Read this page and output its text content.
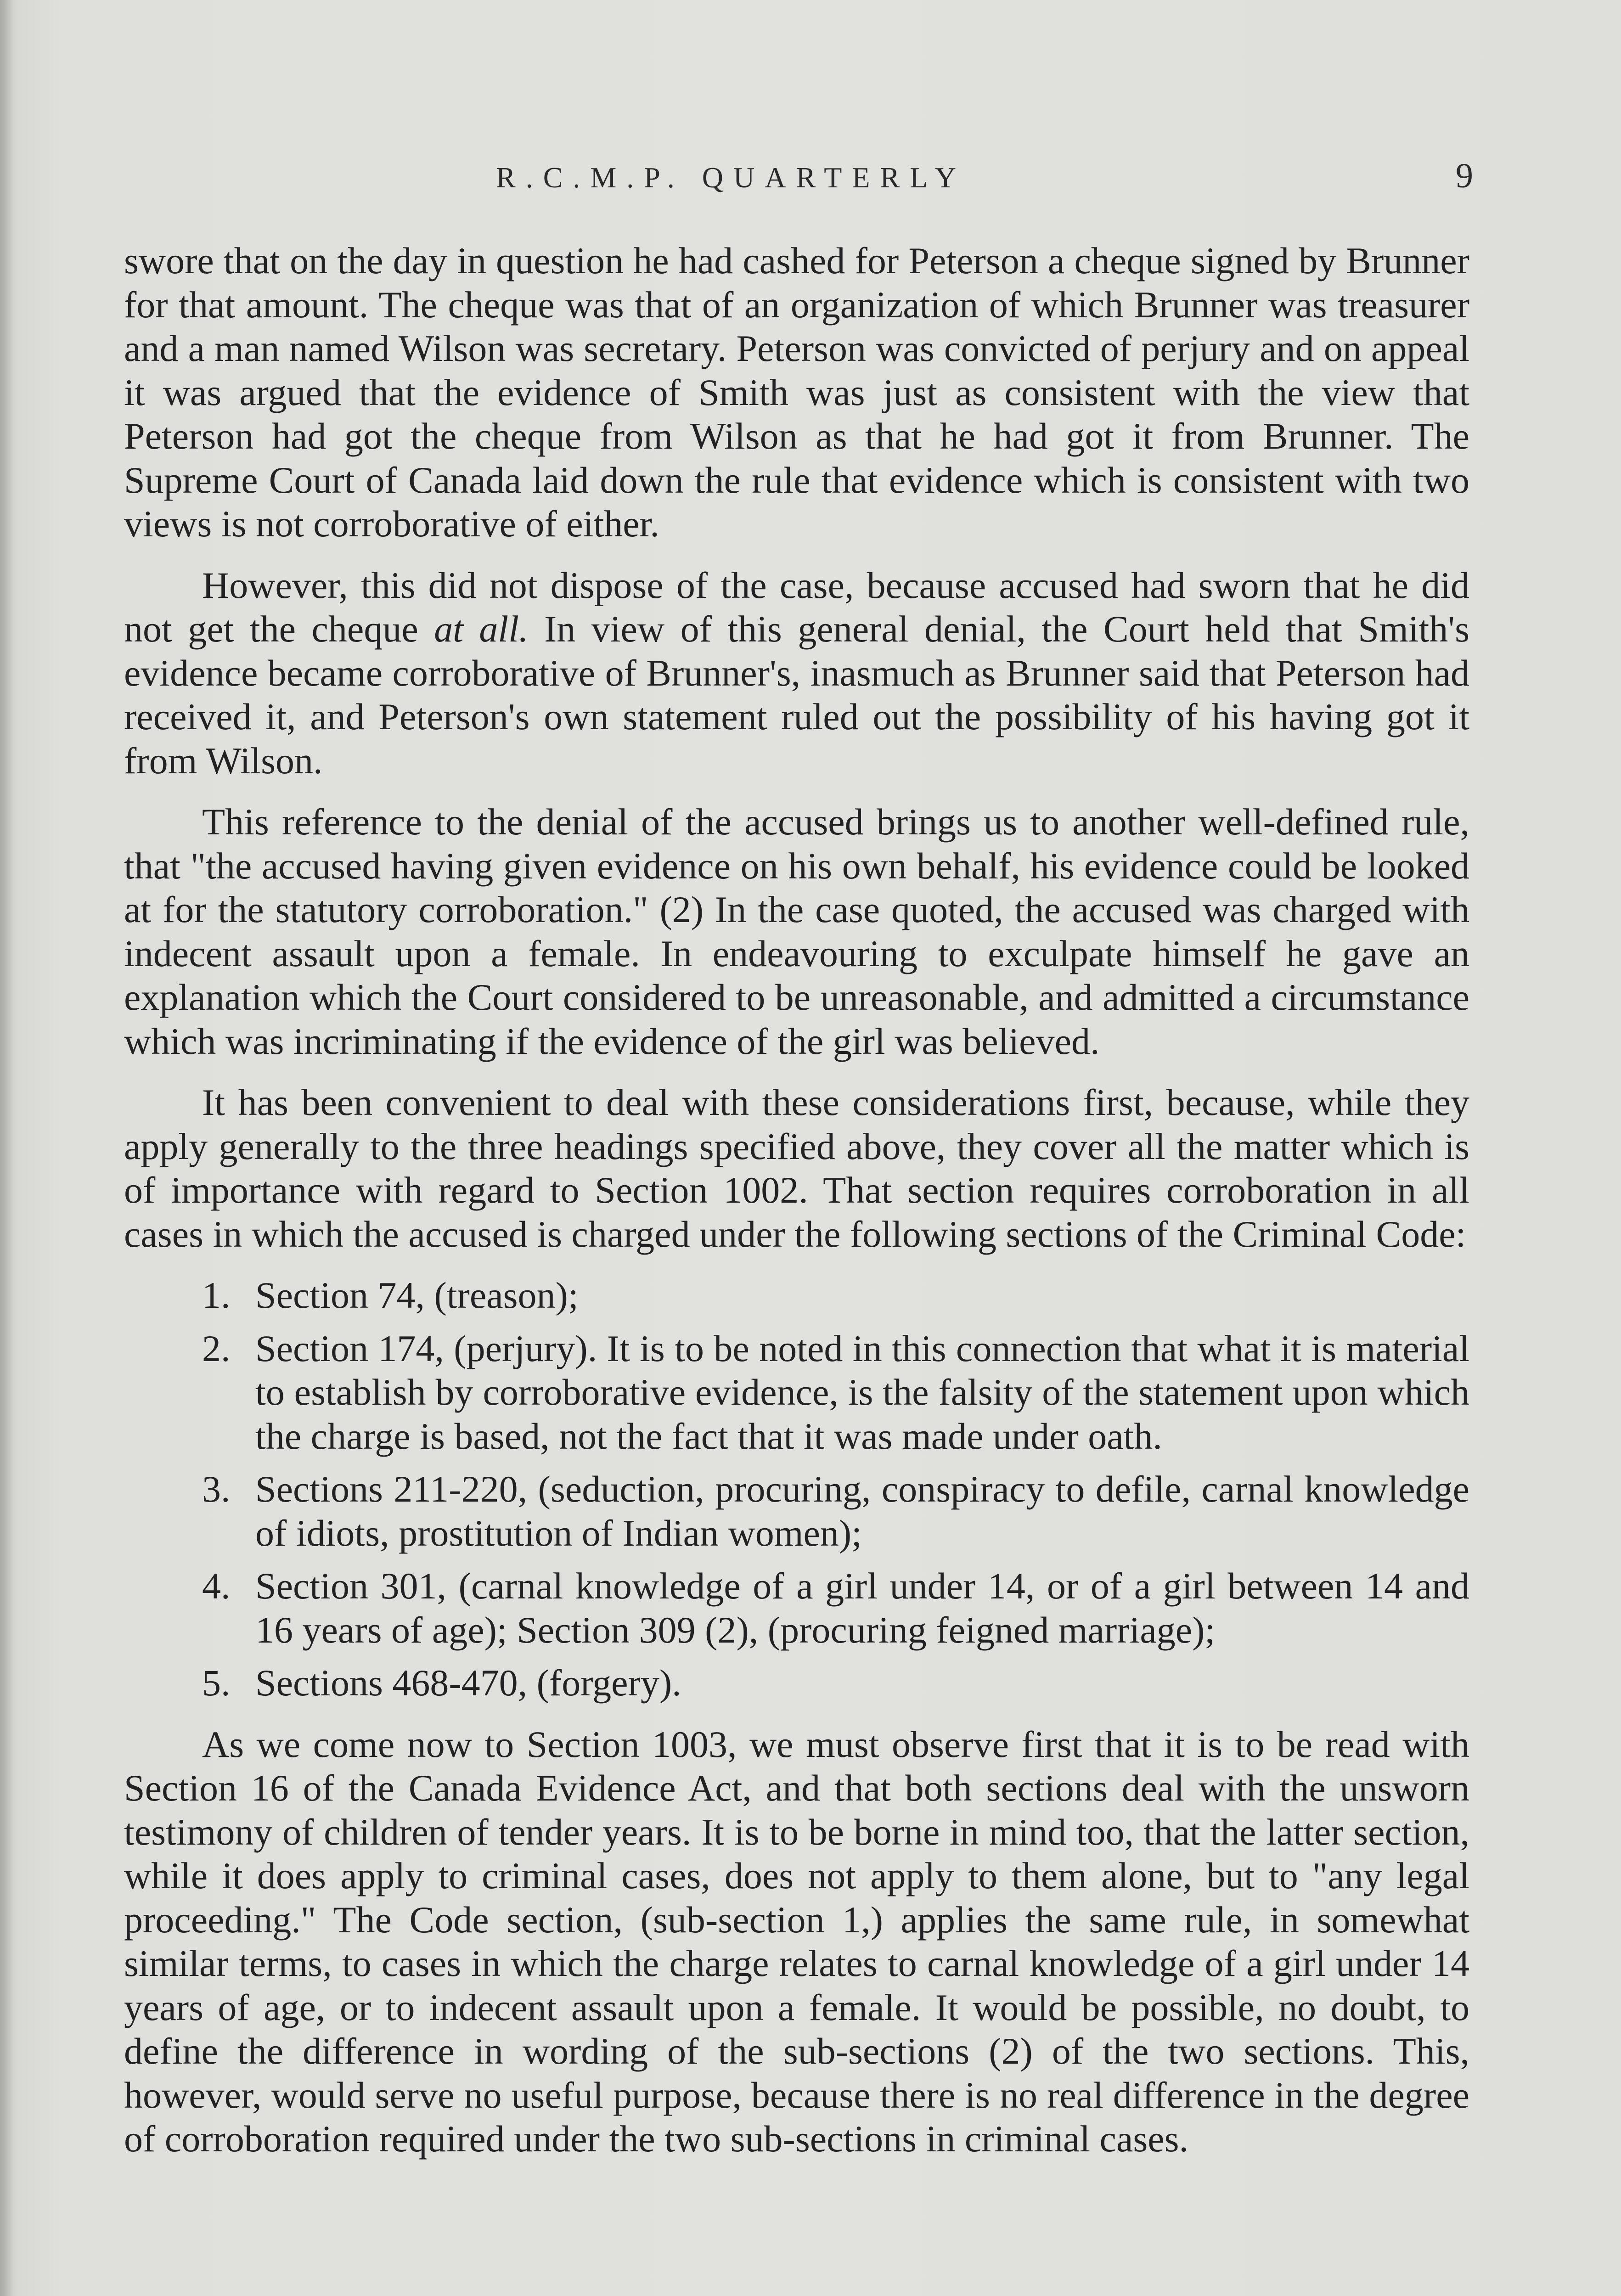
R.C.M.P. QUARTERLY	9

swore that on the day in question he had cashed for Peterson a cheque signed by Brunner for that amount. The cheque was that of an organization of which Brunner was treasurer and a man named Wilson was secretary. Peterson was convicted of perjury and on appeal it was argued that the evidence of Smith was just as consistent with the view that Peterson had got the cheque from Wilson as that he had got it from Brunner. The Supreme Court of Canada laid down the rule that evidence which is consistent with two views is not corroborative of either.

However, this did not dispose of the case, because accused had sworn that he did not get the cheque at all. In view of this general denial, the Court held that Smith's evidence became corroborative of Brunner's, inasmuch as Brunner said that Peterson had received it, and Peterson's own statement ruled out the possibility of his having got it from Wilson.

This reference to the denial of the accused brings us to another well-defined rule, that "the accused having given evidence on his own behalf, his evidence could be looked at for the statutory corroboration." (2) In the case quoted, the accused was charged with indecent assault upon a female. In endeavouring to exculpate himself he gave an explanation which the Court considered to be unreasonable, and admitted a circumstance which was incriminating if the evidence of the girl was believed.

It has been convenient to deal with these considerations first, because, while they apply generally to the three headings specified above, they cover all the matter which is of importance with regard to Section 1002. That section requires corroboration in all cases in which the accused is charged under the following sections of the Criminal Code:

1. Section 74, (treason);
2. Section 174, (perjury). It is to be noted in this connection that what it is material to establish by corroborative evidence, is the falsity of the statement upon which the charge is based, not the fact that it was made under oath.
3. Sections 211-220, (seduction, procuring, conspiracy to defile, carnal knowledge of idiots, prostitution of Indian women);
4. Section 301, (carnal knowledge of a girl under 14, or of a girl between 14 and 16 years of age); Section 309 (2), (procuring feigned marriage);
5. Sections 468-470, (forgery).

As we come now to Section 1003, we must observe first that it is to be read with Section 16 of the Canada Evidence Act, and that both sections deal with the unsworn testimony of children of tender years. It is to be borne in mind too, that the latter section, while it does apply to criminal cases, does not apply to them alone, but to "any legal proceeding." The Code section, (sub-section 1,) applies the same rule, in somewhat similar terms, to cases in which the charge relates to carnal knowledge of a girl under 14 years of age, or to indecent assault upon a female. It would be possible, no doubt, to define the difference in wording of the sub-sections (2) of the two sections. This, however, would serve no useful purpose, because there is no real difference in the degree of corroboration required under the two sub-sections in criminal cases.
